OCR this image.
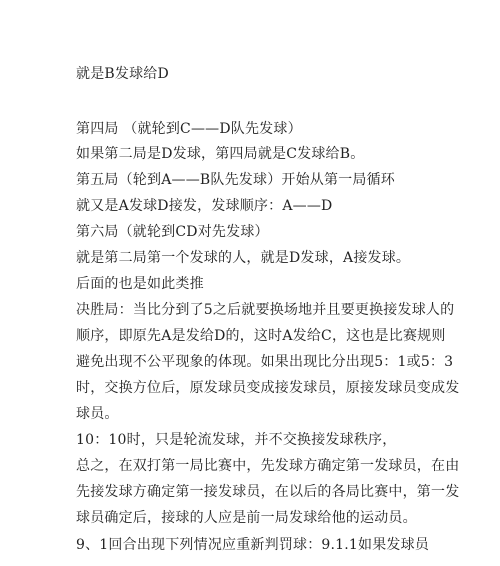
就是B发球给D
第四局 （就轮到C——D队先发球）
如果第二局是D发球，第四局就是C发球给B。
第五局（轮到A——B队先发球）开始从第一局循环
就又是A发球D接发，发球顺序：A——D
第六局（就轮到CD对先发球）
就是第二局第一个发球的人，就是D发球，A接发球。
后面的也是如此类推
决胜局：当比分到了5之后就要换场地并且要更换接发球人的
顺序，即原先A是发给D的，这时A发给C，这也是比赛规则
避免出现不公平现象的体现。如果出现比分出现5：1或5：3
时，交换方位后，原发球员变成接发球员，原接发球员变成发
球员。
10：10时，只是轮流发球，并不交换接发球秩序，
总之，在双打第一局比赛中，先发球方确定第一发球员，在由
先接发球方确定第一接发球员，在以后的各局比赛中，第一发
球员确定后，接球的人应是前一局发球给他的运动员。
9、1回合出现下列情况应重新判罚球：9.1.1如果发球员
